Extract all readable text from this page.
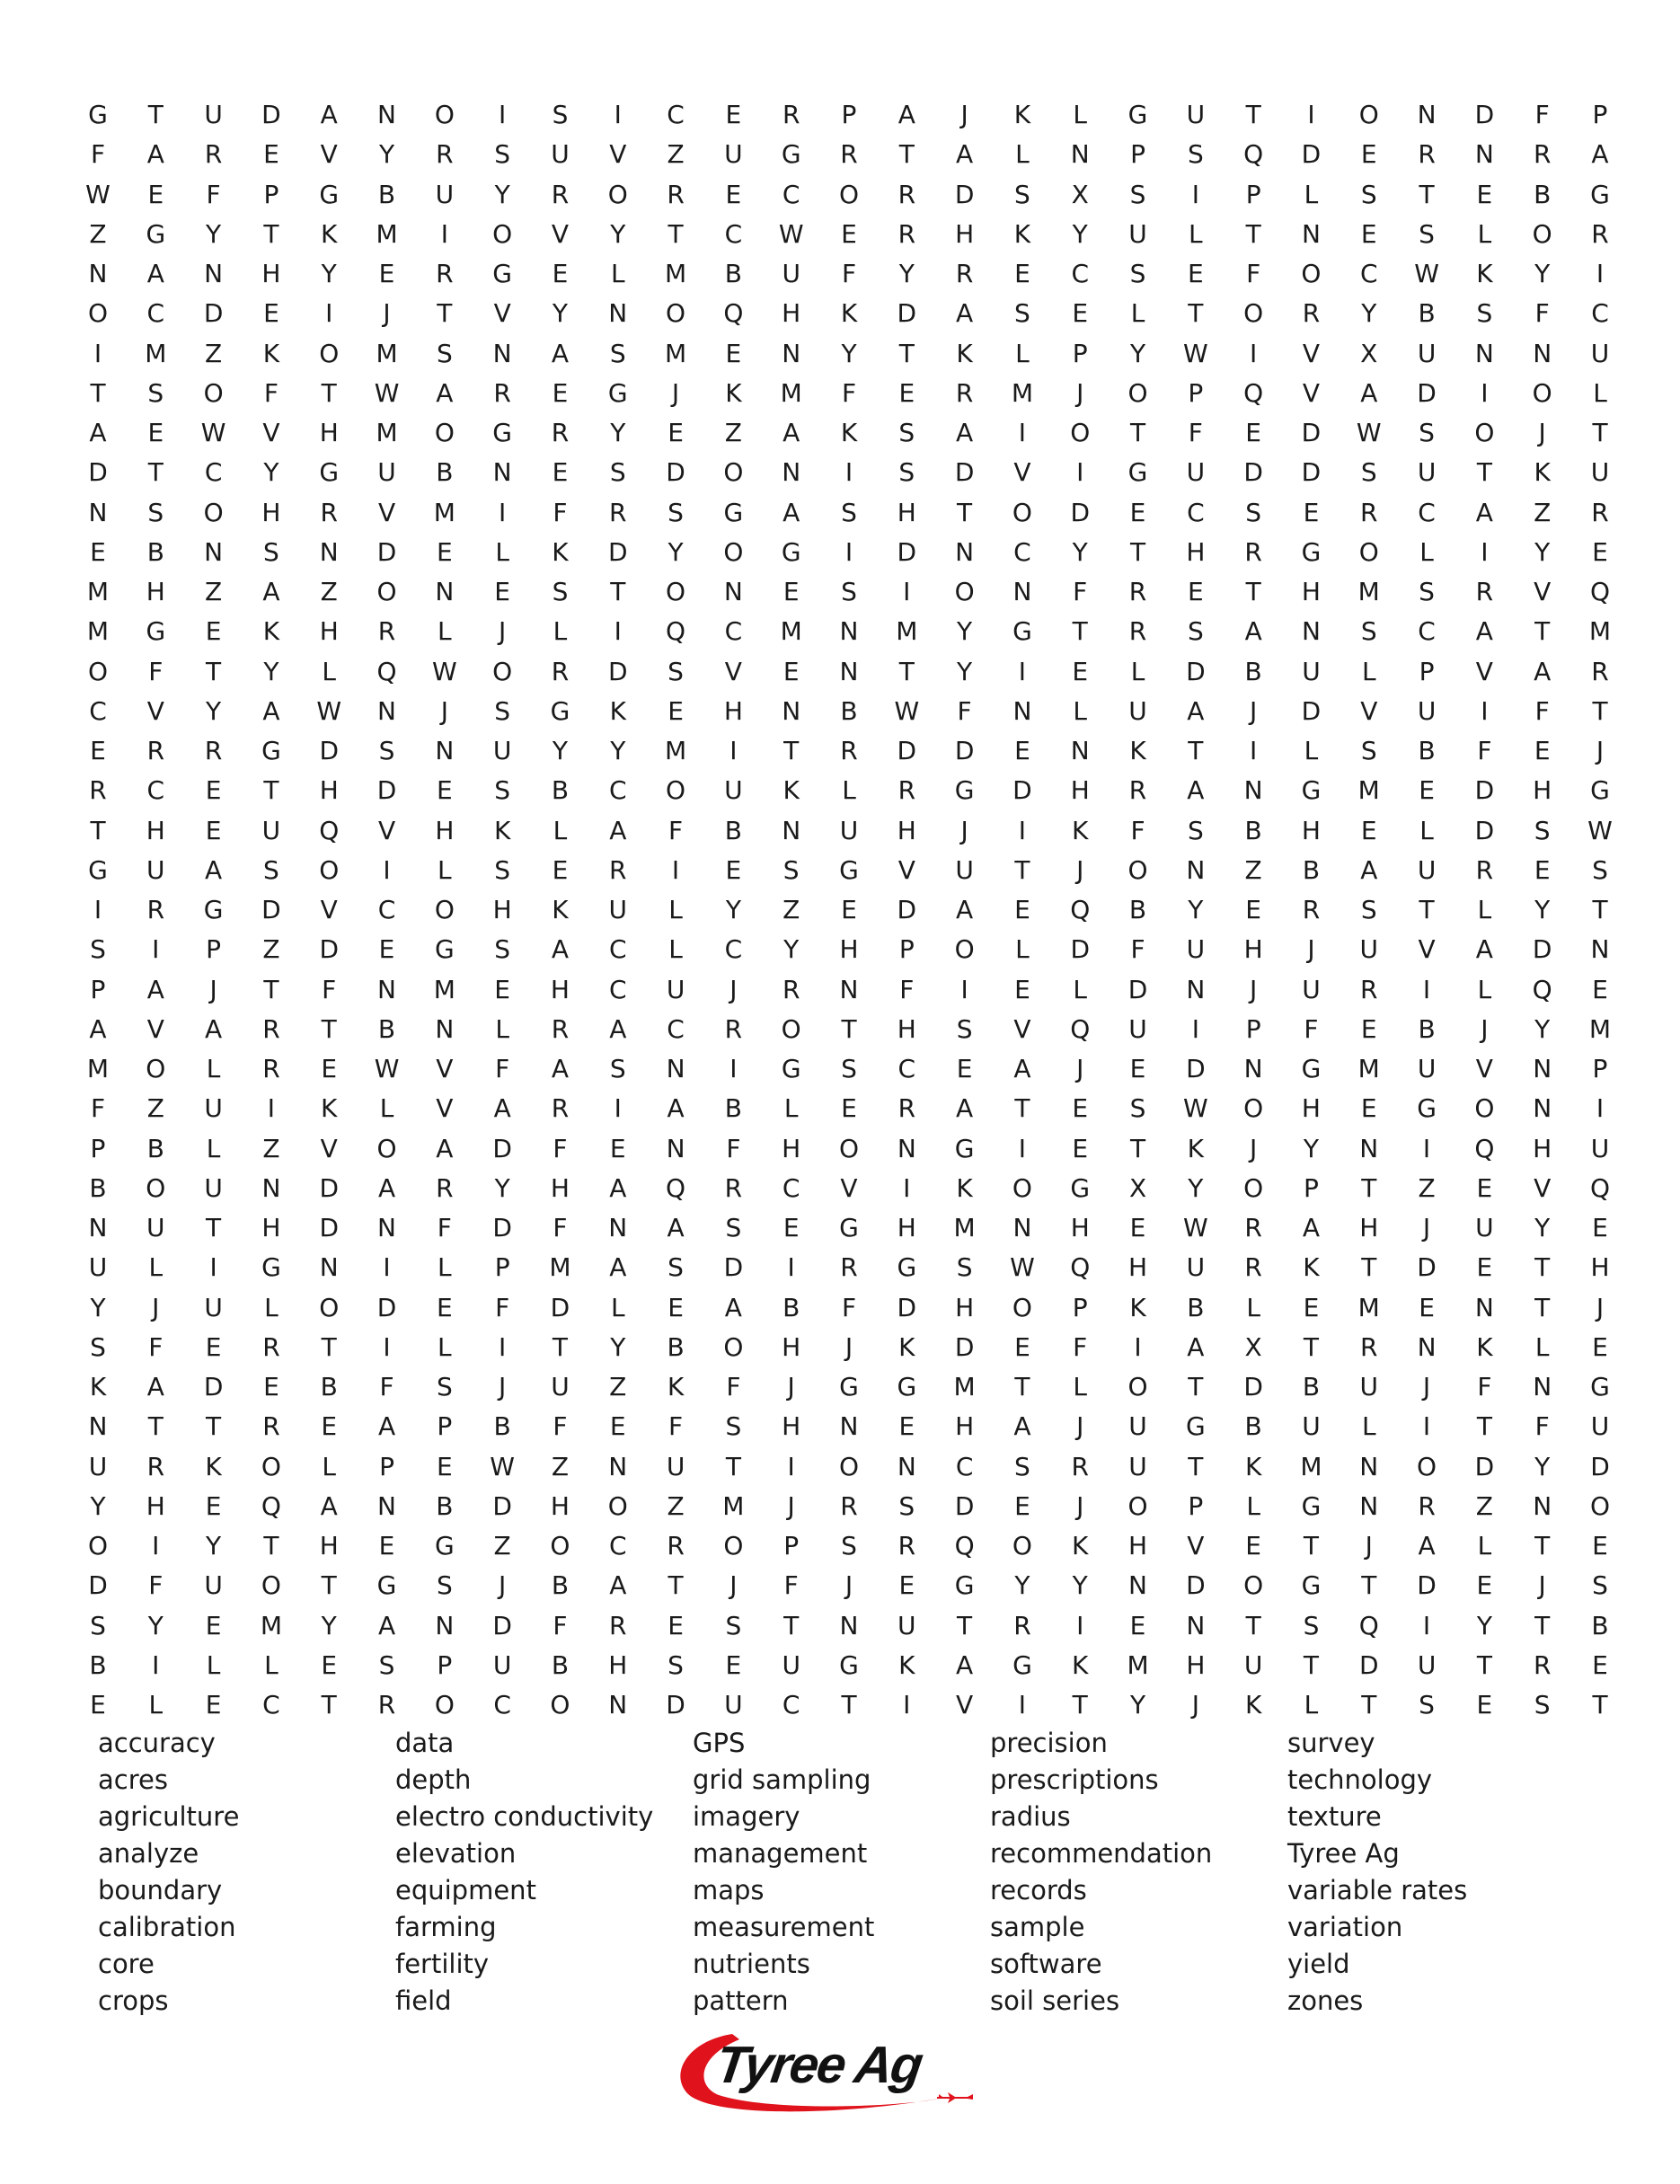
G	T	U	D	A	N	O	I	S	I	C	E	R	P	A	J	K	L	G	U	T	I	O	N	D	F	P
F	A	R	E	V	Y	R	S	U	V	Z	U	G	R	T	A	L	N	P	S	Q	D	E	R	N	R	A
W	E	F	P	G	B	U	Y	R	O	R	E	C	O	R	D	S	X	S	I	P	L	S	T	E	B	G
Z	G	Y	T	K	M	I	O	V	Y	T	C	W	E	R	H	K	Y	U	L	T	N	E	S	L	O	R
N	A	N	H	Y	E	R	G	E	L	M	B	U	F	Y	R	E	C	S	E	F	O	C	W	K	Y	I
O	C	D	E	I	J	T	V	Y	N	O	Q	H	K	D	A	S	E	L	T	O	R	Y	B	S	F	C
I	M	Z	K	O	M	S	N	A	S	M	E	N	Y	T	K	L	P	Y	W	I	V	X	U	N	N	U
T	S	O	F	T	W	A	R	E	G	J	K	M	F	E	R	M	J	O	P	Q	V	A	D	I	O	L
A	E	W	V	H	M	O	G	R	Y	E	Z	A	K	S	A	I	O	T	F	E	D	W	S	O	J	T
D	T	C	Y	G	U	B	N	E	S	D	O	N	I	S	D	V	I	G	U	D	D	S	U	T	K	U
N	S	O	H	R	V	M	I	F	R	S	G	A	S	H	T	O	D	E	C	S	E	R	C	A	Z	R
E	B	N	S	N	D	E	L	K	D	Y	O	G	I	D	N	C	Y	T	H	R	G	O	L	I	Y	E
M	H	Z	A	Z	O	N	E	S	T	O	N	E	S	I	O	N	F	R	E	T	H	M	S	R	V	Q
M	G	E	K	H	R	L	J	L	I	Q	C	M	N	M	Y	G	T	R	S	A	N	S	C	A	T	M
O	F	T	Y	L	Q	W	O	R	D	S	V	E	N	T	Y	I	E	L	D	B	U	L	P	V	A	R
C	V	Y	A	W	N	J	S	G	K	E	H	N	B	W	F	N	L	U	A	J	D	V	U	I	F	T
E	R	R	G	D	S	N	U	Y	Y	M	I	T	R	D	D	E	N	K	T	I	L	S	B	F	E	J
R	C	E	T	H	D	E	S	B	C	O	U	K	L	R	G	D	H	R	A	N	G	M	E	D	H	G
T	H	E	U	Q	V	H	K	L	A	F	B	N	U	H	J	I	K	F	S	B	H	E	L	D	S	W
G	U	A	S	O	I	L	S	E	R	I	E	S	G	V	U	T	J	O	N	Z	B	A	U	R	E	S
I	R	G	D	V	C	O	H	K	U	L	Y	Z	E	D	A	E	Q	B	Y	E	R	S	T	L	Y	T
S	I	P	Z	D	E	G	S	A	C	L	C	Y	H	P	O	L	D	F	U	H	J	U	V	A	D	N
P	A	J	T	F	N	M	E	H	C	U	J	R	N	F	I	E	L	D	N	J	U	R	I	L	Q	E
A	V	A	R	T	B	N	L	R	A	C	R	O	T	H	S	V	Q	U	I	P	F	E	B	J	Y	M
M	O	L	R	E	W	V	F	A	S	N	I	G	S	C	E	A	J	E	D	N	G	M	U	V	N	P
F	Z	U	I	K	L	V	A	R	I	A	B	L	E	R	A	T	E	S	W	O	H	E	G	O	N	I
P	B	L	Z	V	O	A	D	F	E	N	F	H	O	N	G	I	E	T	K	J	Y	N	I	Q	H	U
B	O	U	N	D	A	R	Y	H	A	Q	R	C	V	I	K	O	G	X	Y	O	P	T	Z	E	V	Q
N	U	T	H	D	N	F	D	F	N	A	S	E	G	H	M	N	H	E	W	R	A	H	J	U	Y	E
U	L	I	G	N	I	L	P	M	A	S	D	I	R	G	S	W	Q	H	U	R	K	T	D	E	T	H
Y	J	U	L	O	D	E	F	D	L	E	A	B	F	D	H	O	P	K	B	L	E	M	E	N	T	J
S	F	E	R	T	I	L	I	T	Y	B	O	H	J	K	D	E	F	I	A	X	T	R	N	K	L	E
K	A	D	E	B	F	S	J	U	Z	K	F	J	G	G	M	T	L	O	T	D	B	U	J	F	N	G
N	T	T	R	E	A	P	B	F	E	F	S	H	N	E	H	A	J	U	G	B	U	L	I	T	F	U
U	R	K	O	L	P	E	W	Z	N	U	T	I	O	N	C	S	R	U	T	K	M	N	O	D	Y	D
Y	H	E	Q	A	N	B	D	H	O	Z	M	J	R	S	D	E	J	O	P	L	G	N	R	Z	N	O
O	I	Y	T	H	E	G	Z	O	C	R	O	P	S	R	Q	O	K	H	V	E	T	J	A	L	T	E
D	F	U	O	T	G	S	J	B	A	T	J	F	J	E	G	Y	Y	N	D	O	G	T	D	E	J	S
S	Y	E	M	Y	A	N	D	F	R	E	S	T	N	U	T	R	I	E	N	T	S	Q	I	Y	T	B
B	I	L	L	E	S	P	U	B	H	S	E	U	G	K	A	G	K	M	H	U	T	D	U	T	R	E
E	L	E	C	T	R	O	C	O	N	D	U	C	T	I	V	I	T	Y	J	K	L	T	S	E	S	T
accuracy
acres
agriculture
analyze
boundary
calibration
core
crops
data
depth
electro conductivity
elevation
equipment
farming
fertility
field
GPS
grid sampling
imagery
management
maps
measurement
nutrients
pattern
precision
prescriptions
radius
recommendation
records
sample
software
soil series
survey
technology
texture
Tyree Ag
variable rates
variation
yield
zones
Tyree Ag
